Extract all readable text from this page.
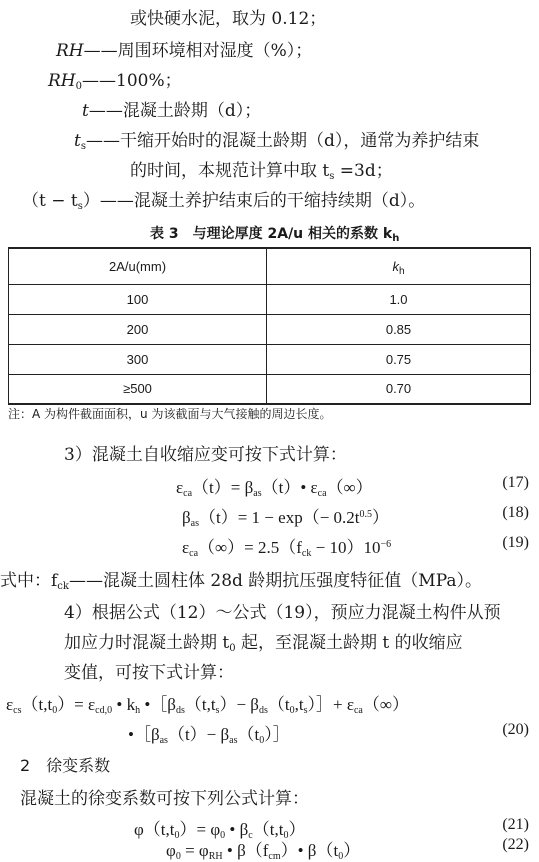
或快硬水泥，取为 0.12；
RH——周围环境相对湿度（%）；
$RH_0——100\%$；
t——混凝土龄期（d）；
$t_s——$干缩开始时的混凝土龄期（d），通常为养护结束
的时间，本规范计算中取 $t_s =3d$；
$(t - t_s)——$混凝土养护结束后的干缩持续期（d）。
表 3　与理论厚度 2A/u 相关的系数 $k_h$
2A/u(mm)	$k_h$
100	1.0
200	0.85
300	0.75
≥500	0.70
注：A 为构件截面面积，u 为该截面与大气接触的周边长度。
3）混凝土自收缩应变可按下式计算：
$\varepsilon_{ca}(t)=$ $\beta_{as}(t)•$ $\varepsilon_{ca}(\infty)$	(17)
$\beta_{as}(t)= 1 - \exp(- 0.2t^{0.5})$	(18)
$\varepsilon_{ca}(\infty)= 2.5(f_{ck} - 10)10^{-6}$	(19)
式中：$f_{ck}——$混凝土圆柱体 28d 龄期抗压强度特征值（MPa）。
4）根据公式（12）～公式（19），预应力混凝土构件从预
加应力时混凝土龄期 $t_0$ 起，至混凝土龄期 t 的收缩应
变值，可按下式计算：
$\varepsilon_{cs}(t,t_0)= \varepsilon_{cd,0}$ • $k_h$ $•[\beta_{ds}(t,t_s)-$ $\beta_{ds}(t_0,t_s)]+ \varepsilon_{ca}(\infty)$
$•[\beta_{as}(t)-$ $\beta_{as}(t_0)]$	(20)
2　徐变系数
混凝土的徐变系数可按下列公式计算：
$\varphi(t,t_0)= \varphi_0$ • $\beta_c(t,t_0)$	(21)
$\varphi_0 = \varphi_{RH}$ • $\beta(f_{cm})•$ $\beta(t_0)$	(22)
